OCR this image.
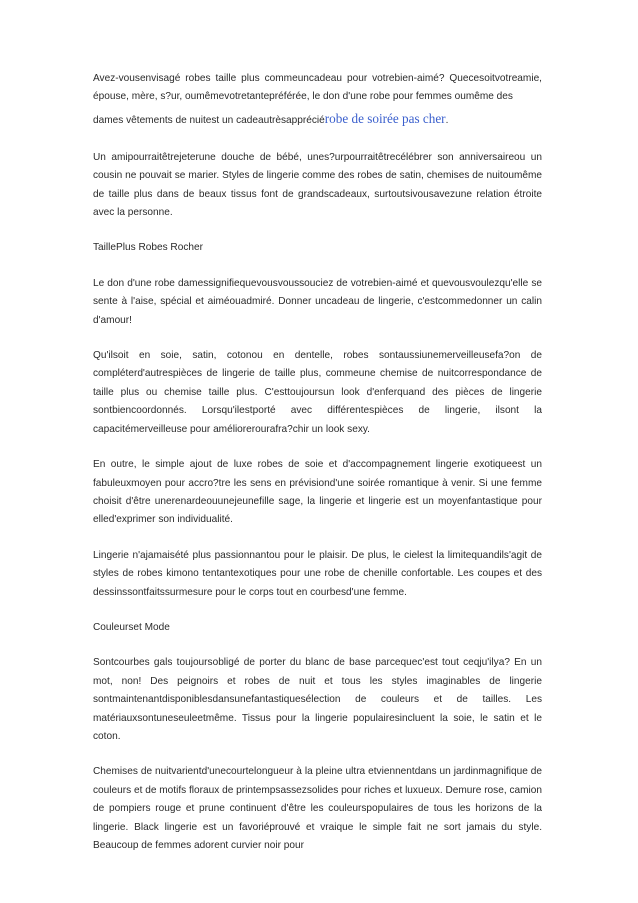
Avez-vousenvisagé robes taille plus commeuncadeau pour votrebien-aimé? Quecesoitvotreamie, épouse, mère, s?ur, oumêmevotretantepréférée, le don d'une robe pour femmes oumême des
dames vêtements de nuitest un cadeautrèsappréciérobe de soirée pas cher.

Un amipourraitêtrejeterune douche de bébé, unes?urpourraitêtrecélébrer son anniversaireou un cousin ne pouvait se marier. Styles de lingerie comme des robes de satin, chemises de nuitoumême de taille plus dans de beaux tissus font de grandscadeaux, surtoutsivousavezune relation étroite avec la personne.

TaillePlus Robes Rocher

Le don d'une robe damessignifiequevousvoussouciez de votrebien-aimé et quevousvoulezqu'elle se sente à l'aise, spécial et aiméouadmiré. Donner uncadeau de lingerie, c'estcommedonner un calin d'amour!

Qu'ilsoit en soie, satin, cotonou en dentelle, robes sontaussiunemerveilleusefa?on de compléterd'autrespièces de lingerie de taille plus, commeune chemise de nuitcorrespondance de taille plus ou chemise taille plus. C'esttoujoursun look d'enferquand des pièces de lingerie sontbiencoordonnés. Lorsqu'ilestporté avec différentespièces de lingerie, ilsont la capacitémerveilleuse pour améliorerourafra?chir un look sexy.

En outre, le simple ajout de luxe robes de soie et d'accompagnement lingerie exotiqueest un fabuleuxmoyen pour accro?tre les sens en prévisiond'une soirée romantique à venir. Si une femme choisit d'être unerenardeouunejeunefille sage, la lingerie et lingerie est un moyenfantastique pour elled'exprimer son individualité.

Lingerie n'ajamaisété plus passionnantou pour le plaisir. De plus, le cielest la limitequandils'agit de styles de robes kimono tentantexotiques pour une robe de chenille confortable. Les coupes et des dessinssontfaitssurmesure pour le corps tout en courbesd'une femme.

Couleurset Mode

Sontcourbes gals toujoursobligé de porter du blanc de base parcequec'est tout ceqju'ilya? En un mot, non! Des peignoirs et robes de nuit et tous les styles imaginables de lingerie sontmaintenantdisponiblesdansunefantastiquesélection de couleurs et de tailles. Les matériauxsontuneseuleetmême. Tissus pour la lingerie populairesincluent la soie, le satin et le coton.

Chemises de nuitvarientd'unecourtelongueur à la pleine ultra etviennentdans un jardinmagnifique de couleurs et de motifs floraux de printempsassezsolides pour riches et luxueux. Demure rose, camion de pompiers rouge et prune continuent d'être les couleurspopulaires de tous les horizons de la lingerie. Black lingerie est un favoriéprouvé et vraique le simple fait ne sort jamais du style. Beaucoup de femmes adorent curvier noir pour
